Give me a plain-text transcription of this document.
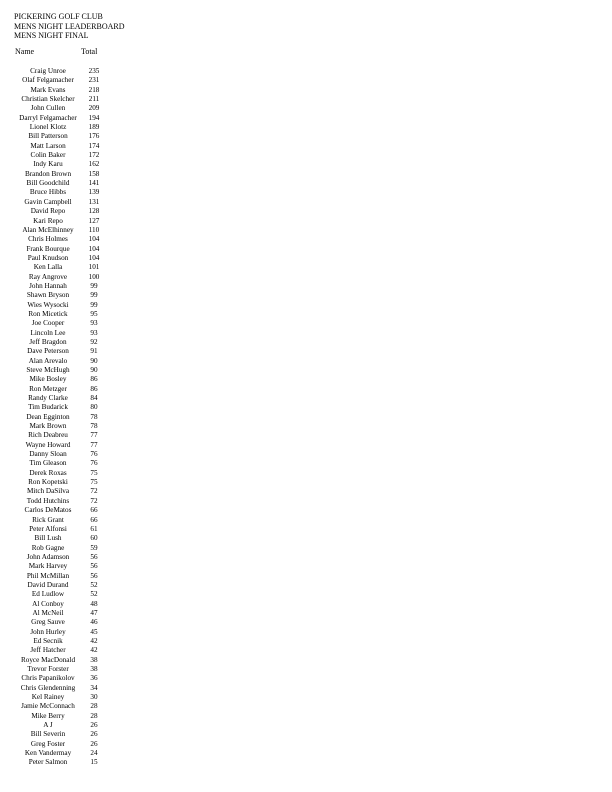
PICKERING GOLF CLUB
MENS NIGHT LEADERBOARD
MENS NIGHT FINAL
Name	Total
Craig Unroe	235
Olaf Felgamacher	231
Mark Evans	218
Christian Skelcher	211
John Cullen	209
Darryl Felgamacher	194
Lionel Klotz	189
Bill Patterson	176
Matt Larson	174
Colin Baker	172
Indy Karu	162
Brandon Brown	158
Bill Goodchild	141
Bruce Hibbs	139
Gavin Campbell	131
David Repo	128
Kari Repo	127
Alan McElhinney	110
Chris Holmes	104
Frank Bourque	104
Paul Knudson	104
Ken Lalla	101
Ray Angrove	100
John Hannah	99
Shawn Bryson	99
Wies Wysocki	99
Ron Micetick	95
Joe Cooper	93
Lincoln Lee	93
Jeff Bragdon	92
Dave Peterson	91
Alan Arevalo	90
Steve McHugh	90
Mike Bosley	86
Ron Metzger	86
Randy Clarke	84
Tim Budarick	80
Dean Egginton	78
Mark Brown	78
Rich Deabreu	77
Wayne Howard	77
Danny Sloan	76
Tim Gleason	76
Derek Roxas	75
Ron Kopetski	75
Mitch DaSilva	72
Todd Hutchins	72
Carlos DeMatos	66
Rick Grant	66
Peter Alfonsi	61
Bill Lush	60
Rob Gagne	59
John Adamson	56
Mark Harvey	56
Phil McMillan	56
David Durand	52
Ed Ludlow	52
Al Conboy	48
Al McNeil	47
Greg Sauve	46
John Hurley	45
Ed Secnik	42
Jeff Hatcher	42
Royce MacDonald	38
Trevor Forster	38
Chris Papanikolov	36
Chris Glendenning	34
Kel Rainey	30
Jamie McConnach	28
Mike Berry	28
A J	26
Bill Severin	26
Greg Foster	26
Ken Vandermay	24
Peter Salmon	15
